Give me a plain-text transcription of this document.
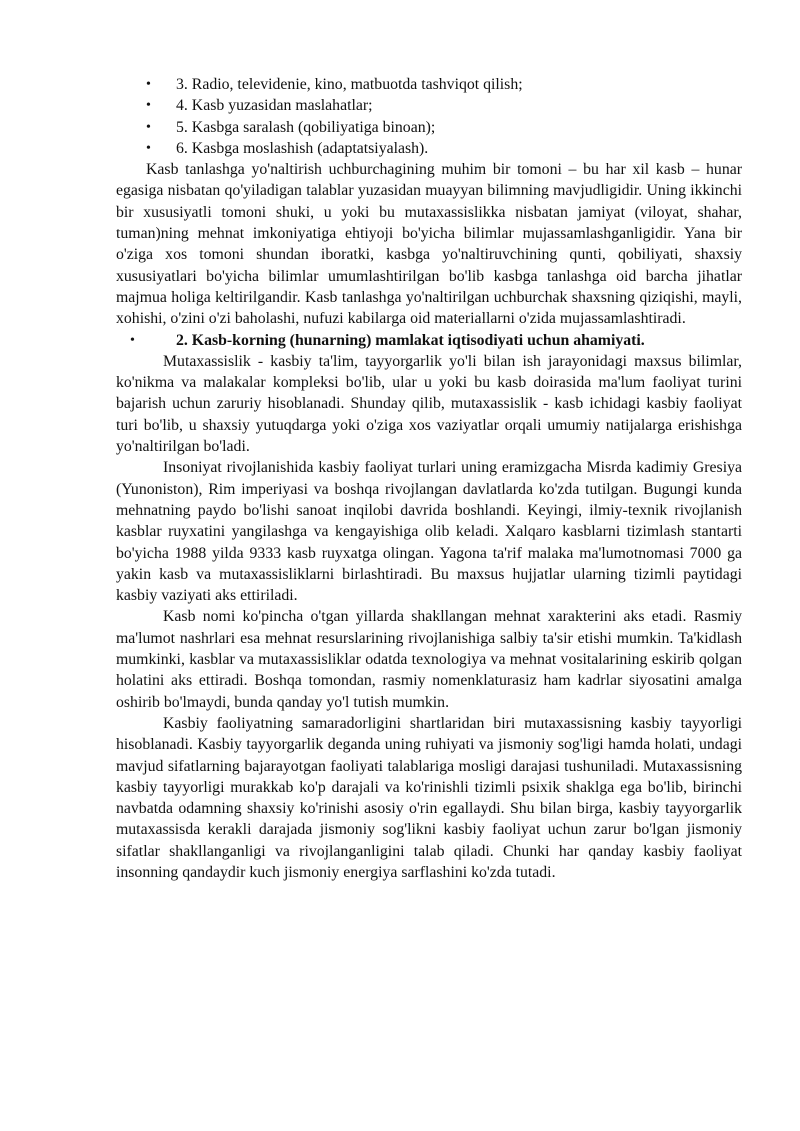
• 3. Radio, televidenie, kino, matbuotda tashviqot qilish;
• 4. Kasb yuzasidan maslahatlar;
• 5. Kasbga saralash (qobiliyatiga binoan);
• 6. Kasbga moslashish (adaptatsiyalash).

Kasb tanlashga yo'naltirish uchburchagining muhim bir tomoni – bu har xil kasb – hunar egasiga nisbatan qo'yiladigan talablar yuzasidan muayyan bilimning mavjudligidir. Uning ikkinchi bir xususiyatli tomoni shuki, u yoki bu mutaxassislikka nisbatan jamiyat (viloyat, shahar, tuman)ning mehnat imkoniyatiga ehtiyoji bo'yicha bilimlar mujassamlashganligidir. Yana bir o'ziga xos tomoni shundan iboratki, kasbga yo'naltiruvchining qunti, qobiliyati, shaxsiy xususiyatlari bo'yicha bilimlar umumlashtirilgan bo'lib kasbga tanlashga oid barcha jihatlar majmua holiga keltirilgandir. Kasb tanlashga yo'naltirilgan uchburchak shaxsning qiziqishi, mayli, xohishi, o'zini o'zi baholashi, nufuzi kabilarga oid materiallarni o'zida mujassamlashtiradi.

•	2. Kasb-korning (hunarning) mamlakat iqtisodiyati uchun ahamiyati.

Mutaxassislik - kasbiy ta'lim, tayyorgarlik yo'li bilan ish jarayonidagi maxsus bilimlar, ko'nikma va malakalar kompleksi bo'lib, ular u yoki bu kasb doirasida ma'lum faoliyat turini bajarish uchun zaruriy hisoblanadi. Shunday qilib, mutaxassislik - kasb ichidagi kasbiy faoliyat turi bo'lib, u shaxsiy yutuqdarga yoki o'ziga xos vaziyatlar orqali umumiy natijalarga erishishga yo'naltirilgan bo'ladi.

Insoniyat rivojlanishida kasbiy faoliyat turlari uning eramizgacha Misrda kadimiy Gresiya (Yunoniston), Rim imperiyasi va boshqa rivojlangan davlatlarda ko'zda tutilgan. Bugungi kunda mehnatning paydo bo'lishi sanoat inqilobi davrida boshlandi. Keyingi, ilmiy-texnik rivojlanish kasblar ruyxatini yangilashga va kengayishiga olib keladi. Xalqaro kasblarni tizimlash stantarti bo'yicha 1988 yilda 9333 kasb ruyxatga olingan. Yagona ta'rif malaka ma'lumotnomasi 7000 ga yakin kasb va mutaxassisliklarni birlashtiradi. Bu maxsus hujjatlar ularning tizimli paytidagi kasbiy vaziyati aks ettiriladi.

Kasb nomi ko'pincha o'tgan yillarda shakllangan mehnat xarakterini aks etadi. Rasmiy ma'lumot nashrlari esa mehnat resurslarining rivojlanishiga salbiy ta'sir etishi mumkin. Ta'kidlash mumkinki, kasblar va mutaxassisliklar odatda texnologiya va mehnat vositalarining eskirib qolgan holatini aks ettiradi. Boshqa tomondan, rasmiy nomenklaturasiz ham kadrlar siyosatini amalga oshirib bo'lmaydi, bunda qanday yo'l tutish mumkin.

Kasbiy faoliyatning samaradorligini shartlaridan biri mutaxassisning kasbiy tayyorligi hisoblanadi. Kasbiy tayyorgarlik deganda uning ruhiyati va jismoniy sog'ligi hamda holati, undagi mavjud sifatlarning bajarayotgan faoliyati talablariga mosligi darajasi tushuniladi. Mutaxassisning kasbiy tayyorligi murakkab ko'p darajali va ko'rinishli tizimli psixik shaklga ega bo'lib, birinchi navbatda odamning shaxsiy ko'rinishi asosiy o'rin egallaydi. Shu bilan birga, kasbiy tayyorgarlik mutaxassisda kerakli darajada jismoniy sog'likni kasbiy faoliyat uchun zarur bo'lgan jismoniy sifatlar shakllanganligi va rivojlanganligini talab qiladi. Chunki har qanday kasbiy faoliyat insonning qandaydir kuch jismoniy energiya sarflashini ko'zda tutadi.
